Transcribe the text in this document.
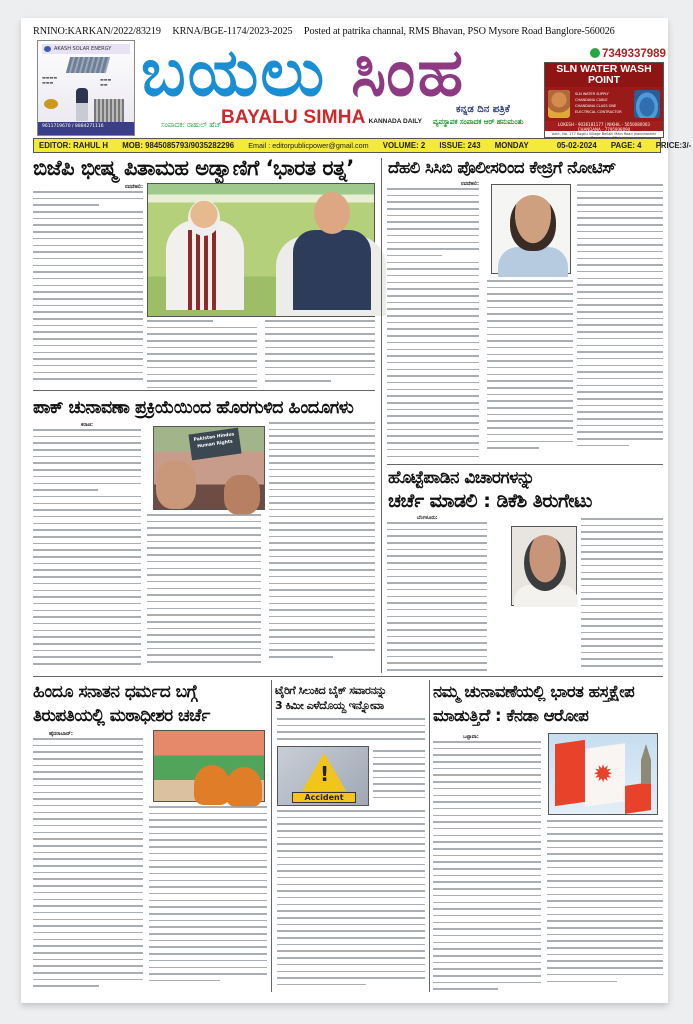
RNINO:KARKAN/2022/83219 KRNA/BGE-1174/2023-2025 Posted at patrika channal, RMS Bhavan, PSO Mysore Road Banglore-560026
AKASH SOLAR ENERGY
▬▬▬▬
▬▬▬
▬▬▬
▬▬
9611719670 / 8884271116
ಬಯಲು ಸಿಂಹ
ಸಂಪಾದಕ: ರಾಹುಲ್ ಹೆಚ್ BAYALU SIMHA KANNADA DAILY
ಕನ್ನಡ ದಿನ ಪತ್ರಿಕೆ
ವ್ಯವಸ್ಥಾಪಕ ಸಂಪಾದಕ ಆರ್ ಹನುಮಂತು
7349337989
SLN WATER WASH POINT
SLN WATER SUPPLY
CHANDANA CABLE
CHANDANA CLASS ONE
ELECTRICAL CONTRACTOR
LOKESH - 9036181177 | NIKHIL - 5050080003
CHANDANA - 7795908090
Add:- No. 177 Kagilu Village Bellalli Main Road Jnanbharathi
EDITOR: RAHUL H MOB: 9845085793/9035282296 Email : editorpublicpower@gmail.com VOLUME: 2 ISSUE: 243 MONDAY	05-02-2024 PAGE: 4 PRICE:3/-
ಬಿಜೆಪಿ ಭೀಷ್ಮ ಪಿತಾಮಹ ಅಡ್ವಾಣಿಗೆ ‘ಭಾರತ ರತ್ನ’
ನವದೆಹಲಿ:
ದೆಹಲಿ ಸಿಸಿಬಿ ಪೊಲೀಸರಿಂದ ಕೇಜ್ರಿಗೆ ನೋಟಿಸ್
ನವದೆಹಲಿ:
ಪಾಕ್ ಚುನಾವಣಾ ಪ್ರಕ್ರಿಯೆಯಿಂದ ಹೊರಗುಳಿದ ಹಿಂದೂಗಳು
ಕರಾಚಿ:
Pakistan Hindus Human Rights
ಹೊಟ್ಟೆಪಾಡಿನ ವಿಚಾರಗಳನ್ನು
ಚರ್ಚೆ ಮಾಡಲಿ : ಡಿಕೆಶಿ ತಿರುಗೇಟು
ಬೆಂಗಳೂರು:
ಹಿಂದೂ ಸನಾತನ ಧರ್ಮದ ಬಗ್ಗೆ
ತಿರುಪತಿಯಲ್ಲಿ ಮಠಾಧೀಶರ ಚರ್ಚೆ
ಹೈದರಾಬಾದ್:
ಟೈರಿಗೆ ಸಿಲುಕಿದ ಬೈಕ್ ಸವಾರನನ್ನು
3 ಕಿಮೀ ಎಳೆದೊಯ್ದ ಇನ್ನೋವಾ
!
Accident
ನಮ್ಮ ಚುನಾವಣೆಯಲ್ಲಿ ಭಾರತ ಹಸ್ತಕ್ಷೇಪ
ಮಾಡುತ್ತಿದೆ : ಕೆನಡಾ ಆರೋಪ
ಒಟ್ಟಾವಾ:
✹
